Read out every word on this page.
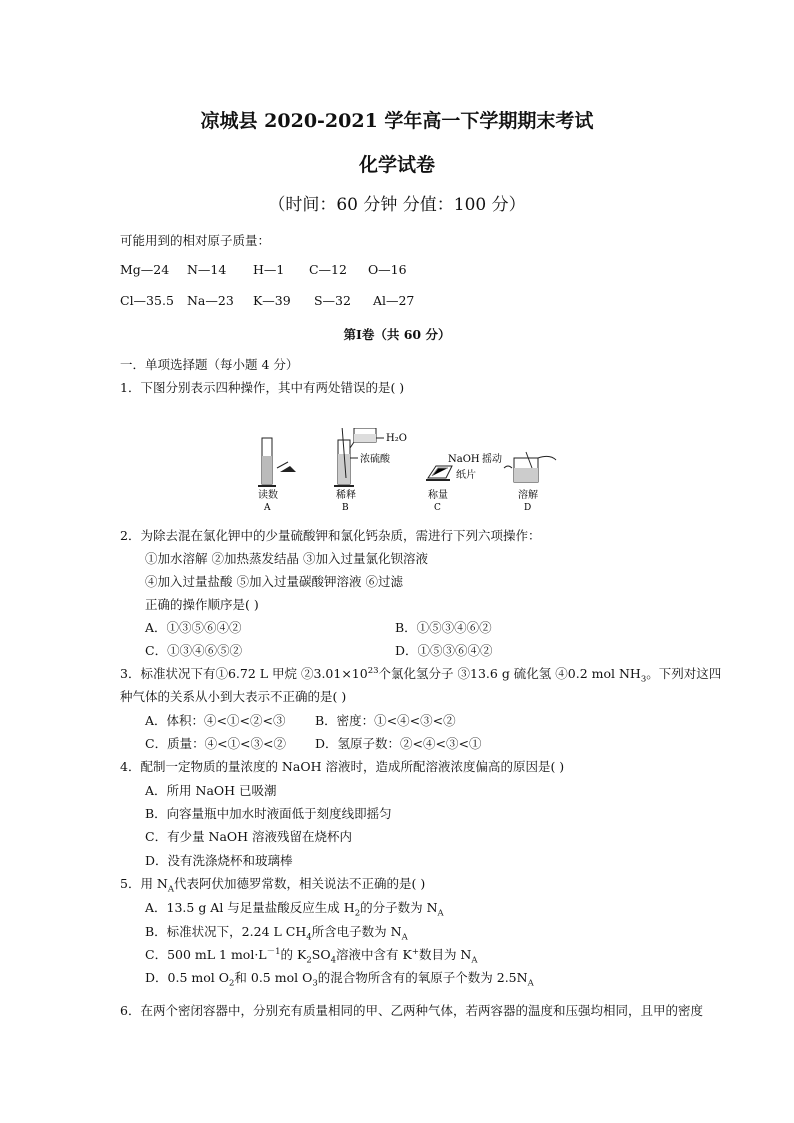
凉城县 2020-2021 学年高一下学期期末考试
化学试卷
（时间：60 分钟 分值：100 分）
可能用到的相对原子质量：
Mg—24 N—14 H—1 C—12 O—16
Cl—35.5 Na—23 K—39 S—32 Al—27
第Ⅰ卷（共 60 分）
一．单项选择题（每小题 4 分）
1．下图分别表示四种操作，其中有两处错误的是( )
读数
A
H₂O
浓硫酸
稀释
B
NaOH
纸片
称量
C
摇动
溶解
D
2．为除去混在氯化钾中的少量硫酸钾和氯化钙杂质，需进行下列六项操作：
①加水溶解 ②加热蒸发结晶 ③加入过量氯化钡溶液
④加入过量盐酸 ⑤加入过量碳酸钾溶液 ⑥过滤
正确的操作顺序是( )
A．①③⑤⑥④②	B．①⑤③④⑥②
C．①③④⑥⑤②	D．①⑤③⑥④②
3．标准状况下有①6.72 L 甲烷 $②3.01\times 10^{23}$个氯化氢分子 ③13.6 g 硫化氢 ④0.2 mol $NH_3$。下列对这四
种气体的关系从小到大表示不正确的是( )
A．体积：④<①<②<③ B．密度：①<④<③<②
C．质量：④<①<③<② D．氢原子数：②<④<③<①
4．配制一定物质的量浓度的 NaOH 溶液时，造成所配溶液浓度偏高的原因是( )
A．所用 NaOH 已吸潮
B．向容量瓶中加水时液面低于刻度线即摇匀
C．有少量 NaOH 溶液残留在烧杯内
D．没有洗涤烧杯和玻璃棒
5．用 $N_A$代表阿伏加德罗常数，相关说法不正确的是( )
A．13.5 g Al 与足量盐酸反应生成 $H_2$的分子数为 $N_A$
B．标准状况下，2.24 L $CH_4$所含电子数为 $N_A$
C．500 mL 1 $mol\cdot L^{-1}$的 $K_2SO_4$溶液中含有 K+数目为 $N_A$
D．0.5 mol $O_2$和 0.5 mol $O_3$的混合物所含有的氧原子个数为 $2.5N_A$
6．在两个密闭容器中，分别充有质量相同的甲、乙两种气体，若两容器的温度和压强均相同，且甲的密度
